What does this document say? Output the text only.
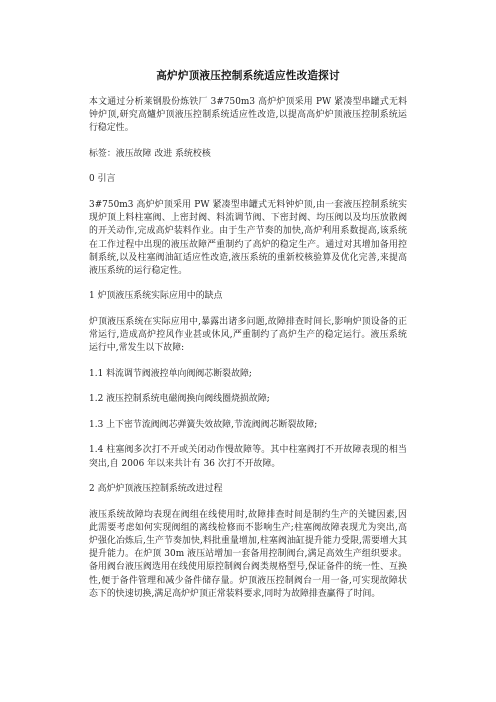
高炉炉顶液压控制系统适应性改造探讨

本文通过分析莱钢股份炼铁厂 3#750m3 高炉炉顶采用 PW 紧凑型串罐式无料钟炉顶,研究高爐炉顶液压控制系统适应性改造,以提高高炉炉顶液压控制系统运行稳定性。

标签：液压故障 改进 系统校核

0 引言

3#750m3 高炉炉顶采用 PW 紧凑型串罐式无料钟炉顶,由一套液压控制系统实现炉顶上料柱塞阀、上密封阀、料流调节阀、下密封阀、均压阀以及均压放散阀的开关动作,完成高炉装料作业。由于生产节奏的加快,高炉利用系数提高,该系统在工作过程中出现的液压故障严重制约了高炉的稳定生产。通过对其增加备用控制系统,以及柱塞阀油缸适应性改造,液压系统的重新校核验算及优化完善,来提高液压系统的运行稳定性。

1 炉顶液压系统实际应用中的缺点

炉顶液压系统在实际应用中,暴露出诸多问题,故障排查时间长,影响炉顶设备的正常运行,造成高炉控风作业甚或休风,严重制约了高炉生产的稳定运行。液压系统运行中,常发生以下故障:

1.1 料流调节阀液控单向阀阀芯断裂故障;

1.2 液压控制系统电磁阀换向阀线圈烧损故障;

1.3 上下密节流阀阀芯弹簧失效故障,节流阀阀芯断裂故障;

1.4 柱塞阀多次打不开或关闭动作慢故障等。其中柱塞阀打不开故障表现的相当突出,自 2006 年以来共计有 36 次打不开故障。

2 高炉炉顶液压控制系统改进过程

液压系统故障均表现在阀组在线使用时,故障排查时间是制约生产的关键因素,因此需要考虑如何实现阀组的离线检修而不影响生产;柱塞阀故障表现尤为突出,高炉强化冶炼后,生产节奏加快,料批重量增加,柱塞阀油缸提升能力受限,需要增大其提升能力。在炉顶 30m 液压站增加一套备用控制阀台,满足高效生产组织要求。备用阀台液压阀选用在线使用原控制阀台阀类规格型号,保证备件的统一性、互换性,便于备件管理和减少备件储存量。炉顶液压控制阀台一用一备,可实现故障状态下的快速切换,满足高炉炉顶正常装料要求,同时为故障排查赢得了时间。
